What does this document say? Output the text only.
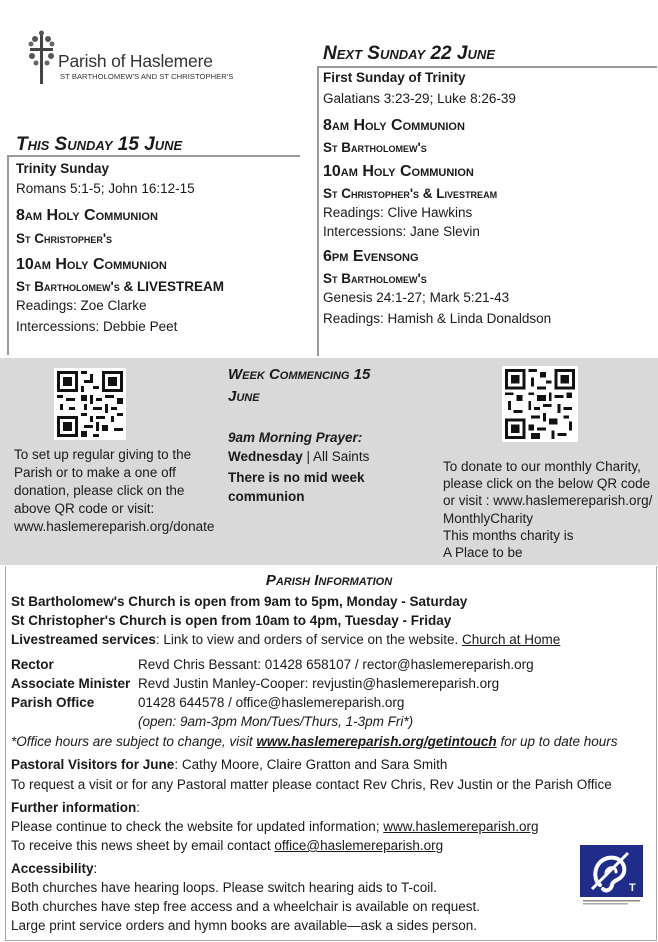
Parish of Haslemere
ST BARTHOLOMEW'S AND ST CHRISTOPHER'S
This Sunday 15 June
Trinity Sunday
Romans 5:1-5; John 16:12-15
8am Holy Communion
St Christopher's
10am Holy Communion
St Bartholomew's & LIVESTREAM
Readings: Zoe Clarke
Intercessions: Debbie Peet
Next Sunday 22 June
First Sunday of Trinity
Galatians 3:23-29; Luke 8:26-39
8am Holy Communion
St Bartholomew's
10am Holy Communion
St Christopher's & Livestream
Readings: Clive Hawkins
Intercessions: Jane Slevin
6pm Evensong
St Bartholomew's
Genesis 24:1-27; Mark 5:21-43
Readings: Hamish & Linda Donaldson
To set up regular giving to the
Parish or to make a one off
donation, please click on the
above QR code or visit:
www.haslemereparish.org/donate
Week Commencing 15
June
9am Morning Prayer:
Wednesday | All Saints
There is no mid week
communion
To donate to our monthly Charity,
please click on the below QR code
or visit : www.haslemereparish.org/
MonthlyCharity
This months charity is
A Place to be
Parish Information
St Bartholomew's Church is open from 9am to 5pm, Monday - Saturday
St Christopher's Church is open from 10am to 4pm, Tuesday - Friday
Livestreamed services: Link to view and orders of service on the website. Church at Home
Rector	Revd Chris Bessant: 01428 658107 / rector@haslemereparish.org
Associate Minister Revd Justin Manley-Cooper: revjustin@haslemereparish.org
Parish Office	01428 644578 / office@haslemereparish.org
(open: 9am-3pm Mon/Tues/Thurs, 1-3pm Fri*)
*Office hours are subject to change, visit www.haslemereparish.org/getintouch for up to date hours
Pastoral Visitors for June: Cathy Moore, Claire Gratton and Sara Smith
To request a visit or for any Pastoral matter please contact Rev Chris, Rev Justin or the Parish Office
Further information:
Please continue to check the website for updated information; www.haslemereparish.org
To receive this news sheet by email contact office@haslemereparish.org
Accessibility:
Both churches have hearing loops. Please switch hearing aids to T-coil.
Both churches have step free access and a wheelchair is available on request.
Large print service orders and hymn books are available—ask a sides person.
T
